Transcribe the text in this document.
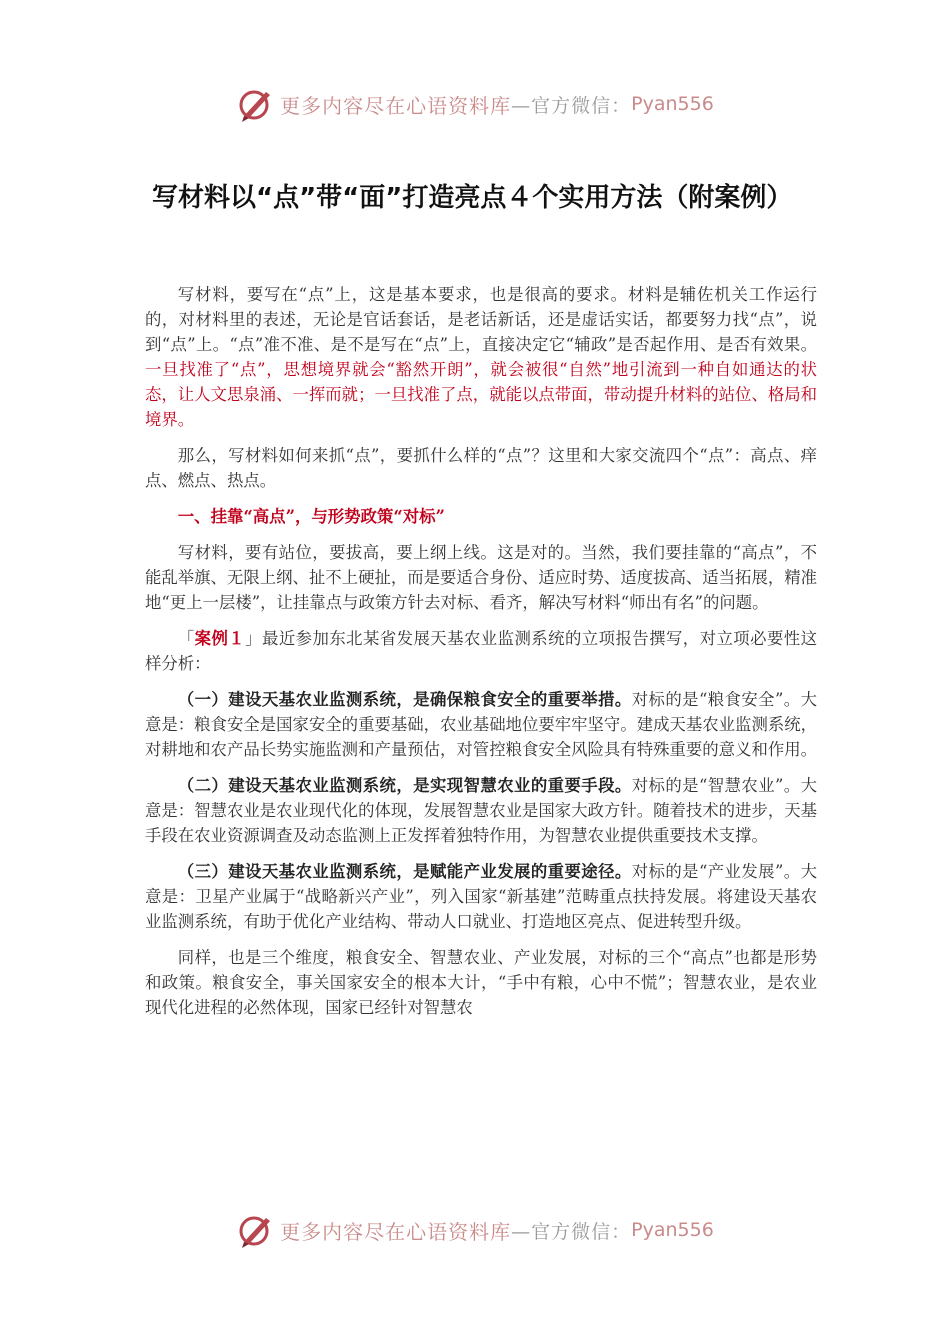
更多内容尽在心语资料库 —官方微信： Pyan556
写材料以“点”带“面”打造亮点４个实用方法（附案例）

写材料，要写在“点”上，这是基本要求，也是很高的要求。材料是辅佐机关工作运行的，对材料里的表述，无论是官话套话，是老话新话，还是虚话实话，都要努力找“点”，说到“点”上。“点”准不准、是不是写在“点”上，直接决定它“辅政”是否起作用、是否有效果。一旦找准了“点”，思想境界就会“豁然开朗”，就会被很“自然”地引流到一种自如通达的状态，让人文思泉涌、一挥而就；一旦找准了点，就能以点带面，带动提升材料的站位、格局和境界。

那么，写材料如何来抓“点”，要抓什么样的“点”？这里和大家交流四个“点”：高点、痒点、燃点、热点。

一、挂靠“高点”，与形势政策“对标”

写材料，要有站位，要拔高，要上纲上线。这是对的。当然，我们要挂靠的“高点”，不能乱举旗、无限上纲、扯不上硬扯，而是要适合身份、适应时势、适度拔高、适当拓展，精准地“更上一层楼”，让挂靠点与政策方针去对标、看齐，解决写材料“师出有名”的问题。

「案例１」最近参加东北某省发展天基农业监测系统的立项报告撰写，对立项必要性这样分析：

（一）建设天基农业监测系统，是确保粮食安全的重要举措。对标的是“粮食安全”。大意是：粮食安全是国家安全的重要基础，农业基础地位要牢牢坚守。建成天基农业监测系统，对耕地和农产品长势实施监测和产量预估，对管控粮食安全风险具有特殊重要的意义和作用。

（二）建设天基农业监测系统，是实现智慧农业的重要手段。对标的是“智慧农业”。大意是：智慧农业是农业现代化的体现，发展智慧农业是国家大政方针。随着技术的进步，天基手段在农业资源调查及动态监测上正发挥着独特作用，为智慧农业提供重要技术支撑。

（三）建设天基农业监测系统，是赋能产业发展的重要途径。对标的是“产业发展”。大意是：卫星产业属于“战略新兴产业”，列入国家“新基建”范畴重点扶持发展。将建设天基农业监测系统，有助于优化产业结构、带动人口就业、打造地区亮点、促进转型升级。

同样，也是三个维度，粮食安全、智慧农业、产业发展，对标的三个“高点”也都是形势和政策。粮食安全，事关国家安全的根本大计，“手中有粮，心中不慌”；智慧农业，是农业现代化进程的必然体现，国家已经针对智慧农

更多内容尽在心语资料库 —官方微信： Pyan556
